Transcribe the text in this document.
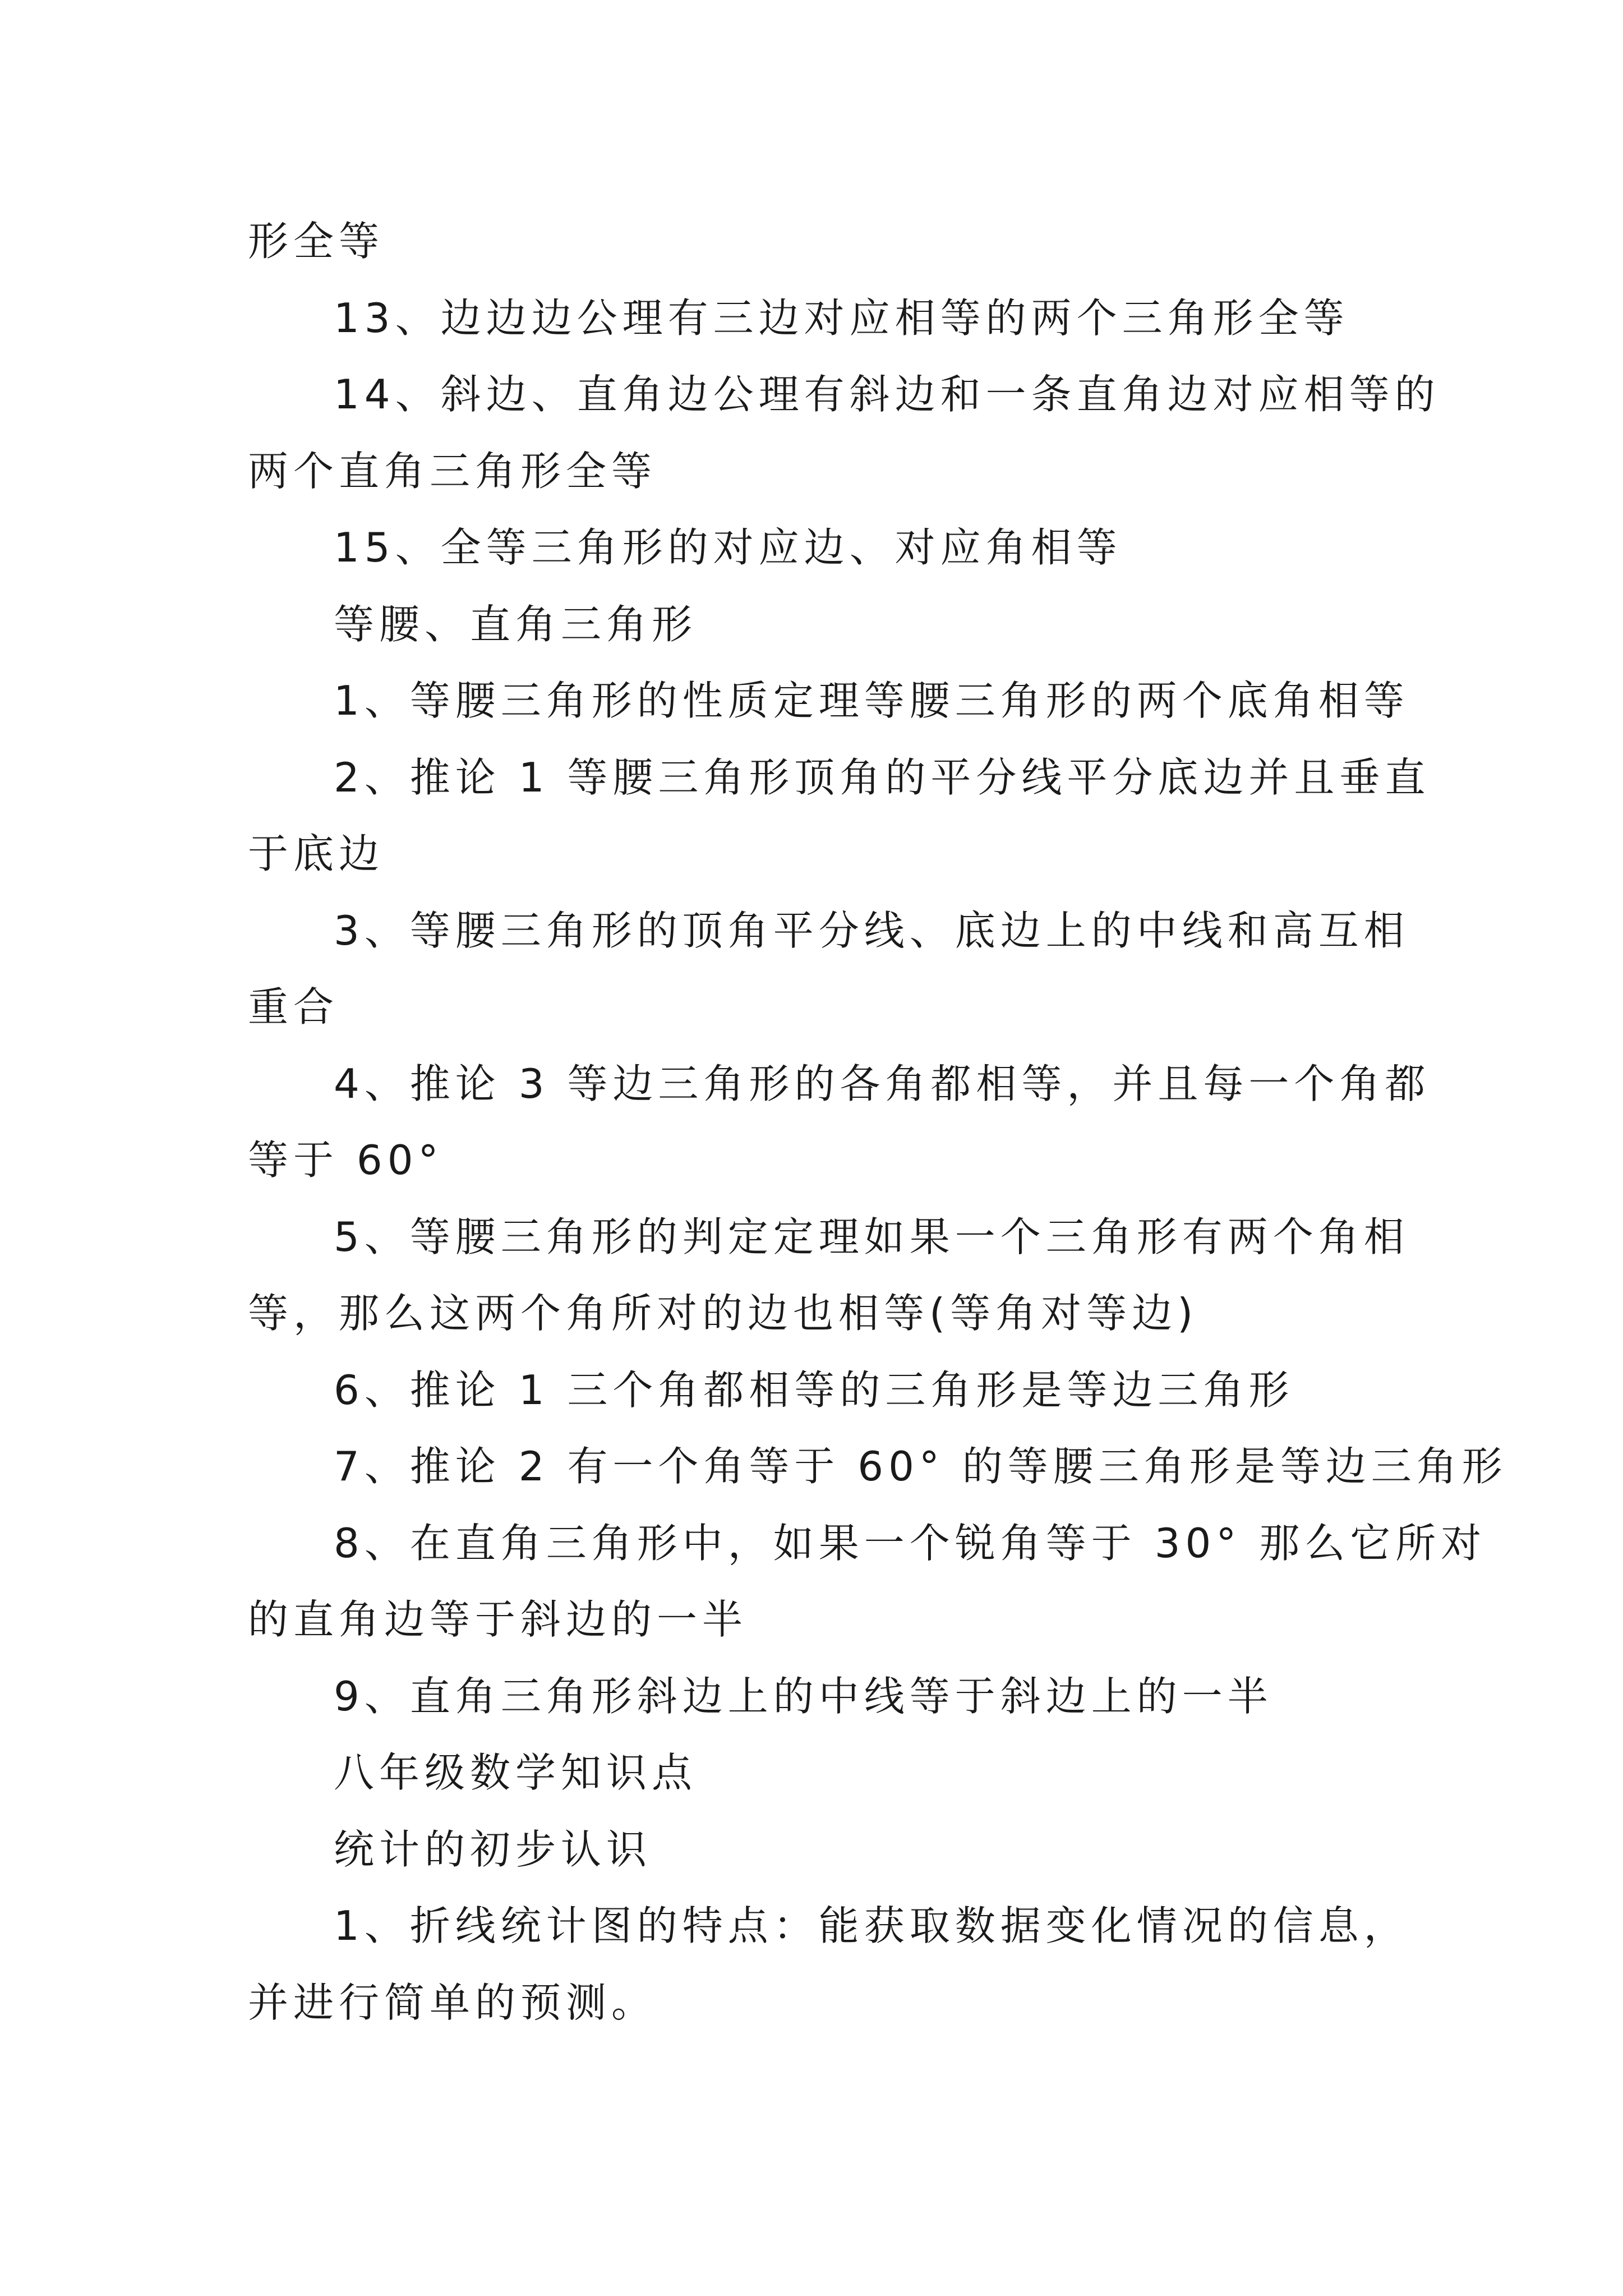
形全等
13、边边边公理有三边对应相等的两个三角形全等
14、斜边、直角边公理有斜边和一条直角边对应相等的
两个直角三角形全等
15、全等三角形的对应边、对应角相等
等腰、直角三角形
1、等腰三角形的性质定理等腰三角形的两个底角相等
2、推论 1 等腰三角形顶角的平分线平分底边并且垂直
于底边
3、等腰三角形的顶角平分线、底边上的中线和高互相
重合
4、推论 3 等边三角形的各角都相等，并且每一个角都
等于 60°
5、等腰三角形的判定定理如果一个三角形有两个角相
等，那么这两个角所对的边也相等(等角对等边)
6、推论 1 三个角都相等的三角形是等边三角形
7、推论 2 有一个角等于 60° 的等腰三角形是等边三角形
8、在直角三角形中，如果一个锐角等于 30° 那么它所对
的直角边等于斜边的一半
9、直角三角形斜边上的中线等于斜边上的一半
八年级数学知识点
统计的初步认识
1、折线统计图的特点：能获取数据变化情况的信息，
并进行简单的预测。
